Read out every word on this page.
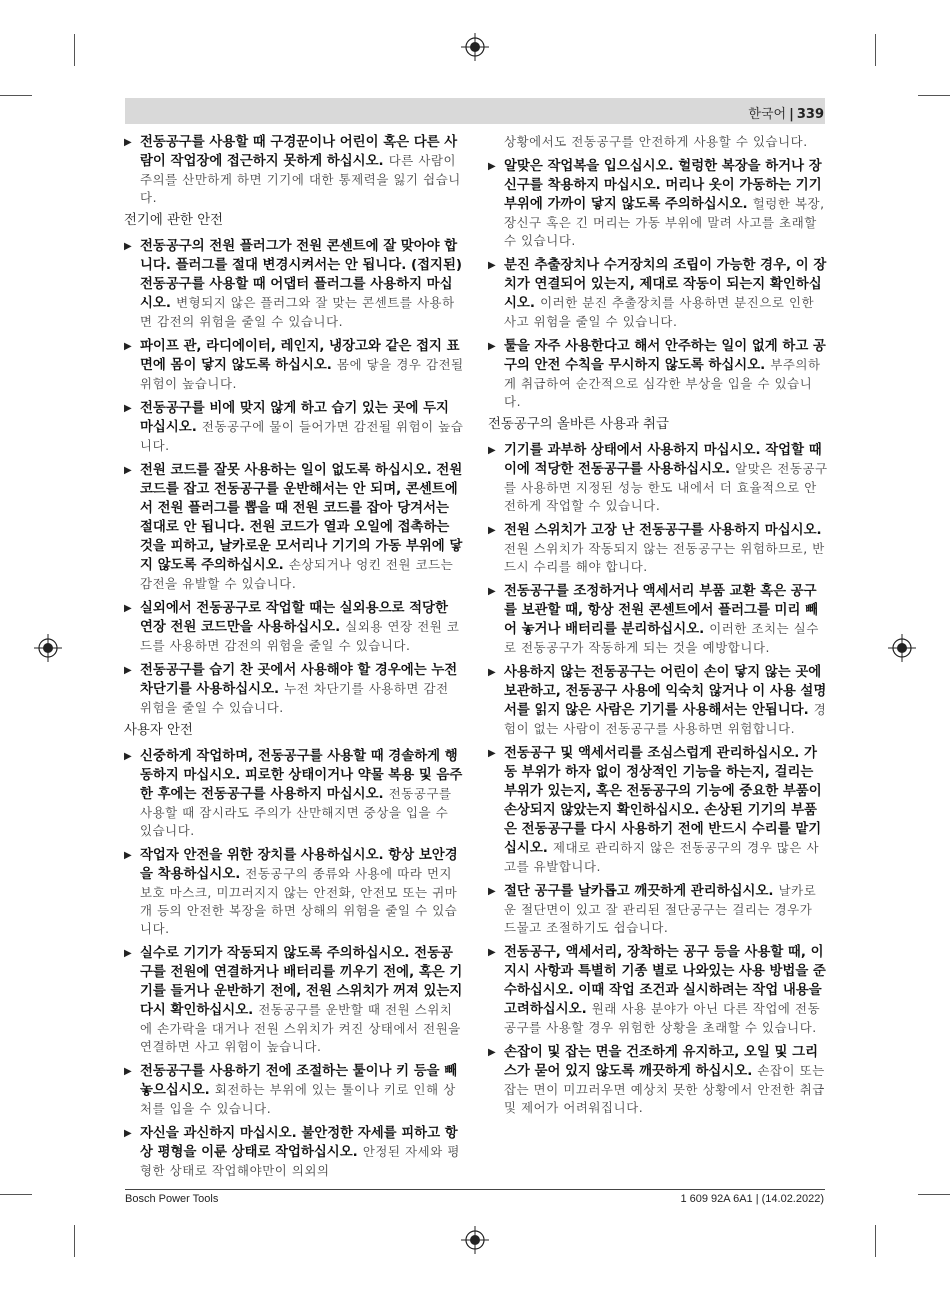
한국어 | 339
▶ 전동공구를 사용할 때 구경꾼이나 어린이 혹은 다른 사람이 작업장에 접근하지 못하게 하십시오. 다른 사람이 주의를 산만하게 하면 기기에 대한 통제력을 잃기 쉽습니다.
전기에 관한 안전
▶ 전동공구의 전원 플러그가 전원 콘센트에 잘 맞아야 합니다. 플러그를 절대 변경시켜서는 안 됩니다. (접지된) 전동공구를 사용할 때 어댑터 플러그를 사용하지 마십시오. 변형되지 않은 플러그와 잘 맞는 콘센트를 사용하면 감전의 위험을 줄일 수 있습니다.
▶ 파이프 관, 라디에이터, 레인지, 냉장고와 같은 접지 표면에 몸이 닿지 않도록 하십시오. 몸에 닿을 경우 감전될 위험이 높습니다.
▶ 전동공구를 비에 맞지 않게 하고 습기 있는 곳에 두지 마십시오. 전동공구에 물이 들어가면 감전될 위험이 높습니다.
▶ 전원 코드를 잘못 사용하는 일이 없도록 하십시오. 전원 코드를 잡고 전동공구를 운반해서는 안 되며, 콘센트에서 전원 플러그를 뽑을 때 전원 코드를 잡아 당겨서는 절대로 안 됩니다. 전원 코드가 열과 오일에 접촉하는 것을 피하고, 날카로운 모서리나 기기의 가동 부위에 닿지 않도록 주의하십시오. 손상되거나 엉킨 전원 코드는 감전을 유발할 수 있습니다.
▶ 실외에서 전동공구로 작업할 때는 실외용으로 적당한 연장 전원 코드만을 사용하십시오. 실외용 연장 전원 코드를 사용하면 감전의 위험을 줄일 수 있습니다.
▶ 전동공구를 습기 찬 곳에서 사용해야 할 경우에는 누전 차단기를 사용하십시오. 누전 차단기를 사용하면 감전 위험을 줄일 수 있습니다.
사용자 안전
▶ 신중하게 작업하며, 전동공구를 사용할 때 경솔하게 행동하지 마십시오. 피로한 상태이거나 약물 복용 및 음주한 후에는 전동공구를 사용하지 마십시오. 전동공구를 사용할 때 잠시라도 주의가 산만해지면 중상을 입을 수 있습니다.
▶ 작업자 안전을 위한 장치를 사용하십시오. 항상 보안경을 착용하십시오. 전동공구의 종류와 사용에 따라 먼지 보호 마스크, 미끄러지지 않는 안전화, 안전모 또는 귀마개 등의 안전한 복장을 하면 상해의 위험을 줄일 수 있습니다.
▶ 실수로 기기가 작동되지 않도록 주의하십시오. 전동공구를 전원에 연결하거나 배터리를 끼우기 전에, 혹은 기기를 들거나 운반하기 전에, 전원 스위치가 꺼져 있는지 다시 확인하십시오. 전동공구를 운반할 때 전원 스위치에 손가락을 대거나 전원 스위치가 켜진 상태에서 전원을 연결하면 사고 위험이 높습니다.
▶ 전동공구를 사용하기 전에 조절하는 툴이나 키 등을 빼 놓으십시오. 회전하는 부위에 있는 툴이나 키로 인해 상처를 입을 수 있습니다.
▶ 자신을 과신하지 마십시오. 불안정한 자세를 피하고 항상 평형을 이룬 상태로 작업하십시오. 안정된 자세와 평형한 상태로 작업해야만이 의외의
상황에서도 전동공구를 안전하게 사용할 수 있습니다.
▶ 알맞은 작업복을 입으십시오. 헐렁한 복장을 하거나 장신구를 착용하지 마십시오. 머리나 옷이 가동하는 기기 부위에 가까이 닿지 않도록 주의하십시오. 헐렁한 복장, 장신구 혹은 긴 머리는 가동 부위에 말려 사고를 초래할 수 있습니다.
▶ 분진 추출장치나 수거장치의 조립이 가능한 경우, 이 장치가 연결되어 있는지, 제대로 작동이 되는지 확인하십시오. 이러한 분진 추출장치를 사용하면 분진으로 인한 사고 위험을 줄일 수 있습니다.
▶ 툴을 자주 사용한다고 해서 안주하는 일이 없게 하고 공구의 안전 수칙을 무시하지 않도록 하십시오. 부주의하게 취급하여 순간적으로 심각한 부상을 입을 수 있습니다.
전동공구의 올바른 사용과 취급
▶ 기기를 과부하 상태에서 사용하지 마십시오. 작업할 때 이에 적당한 전동공구를 사용하십시오. 알맞은 전동공구를 사용하면 지정된 성능 한도 내에서 더 효율적으로 안전하게 작업할 수 있습니다.
▶ 전원 스위치가 고장 난 전동공구를 사용하지 마십시오. 전원 스위치가 작동되지 않는 전동공구는 위험하므로, 반드시 수리를 해야 합니다.
▶ 전동공구를 조정하거나 액세서리 부품 교환 혹은 공구를 보관할 때, 항상 전원 콘센트에서 플러그를 미리 빼어 놓거나 배터리를 분리하십시오. 이러한 조치는 실수로 전동공구가 작동하게 되는 것을 예방합니다.
▶ 사용하지 않는 전동공구는 어린이 손이 닿지 않는 곳에 보관하고, 전동공구 사용에 익숙치 않거나 이 사용 설명서를 읽지 않은 사람은 기기를 사용해서는 안됩니다. 경험이 없는 사람이 전동공구를 사용하면 위험합니다.
▶ 전동공구 및 액세서리를 조심스럽게 관리하십시오. 가동 부위가 하자 없이 정상적인 기능을 하는지, 걸리는 부위가 있는지, 혹은 전동공구의 기능에 중요한 부품이 손상되지 않았는지 확인하십시오. 손상된 기기의 부품은 전동공구를 다시 사용하기 전에 반드시 수리를 맡기십시오. 제대로 관리하지 않은 전동공구의 경우 많은 사고를 유발합니다.
▶ 절단 공구를 날카롭고 깨끗하게 관리하십시오. 날카로운 절단면이 있고 잘 관리된 절단공구는 걸리는 경우가 드물고 조절하기도 쉽습니다.
▶ 전동공구, 액세서리, 장착하는 공구 등을 사용할 때, 이 지시 사항과 특별히 기종 별로 나와있는 사용 방법을 준수하십시오. 이때 작업 조건과 실시하려는 작업 내용을 고려하십시오. 원래 사용 분야가 아닌 다른 작업에 전동공구를 사용할 경우 위험한 상황을 초래할 수 있습니다.
▶ 손잡이 및 잡는 면을 건조하게 유지하고, 오일 및 그리스가 묻어 있지 않도록 깨끗하게 하십시오. 손잡이 또는 잡는 면이 미끄러우면 예상치 못한 상황에서 안전한 취급 및 제어가 어려워집니다.
Bosch Power Tools	1 609 92A 6A1 | (14.02.2022)
